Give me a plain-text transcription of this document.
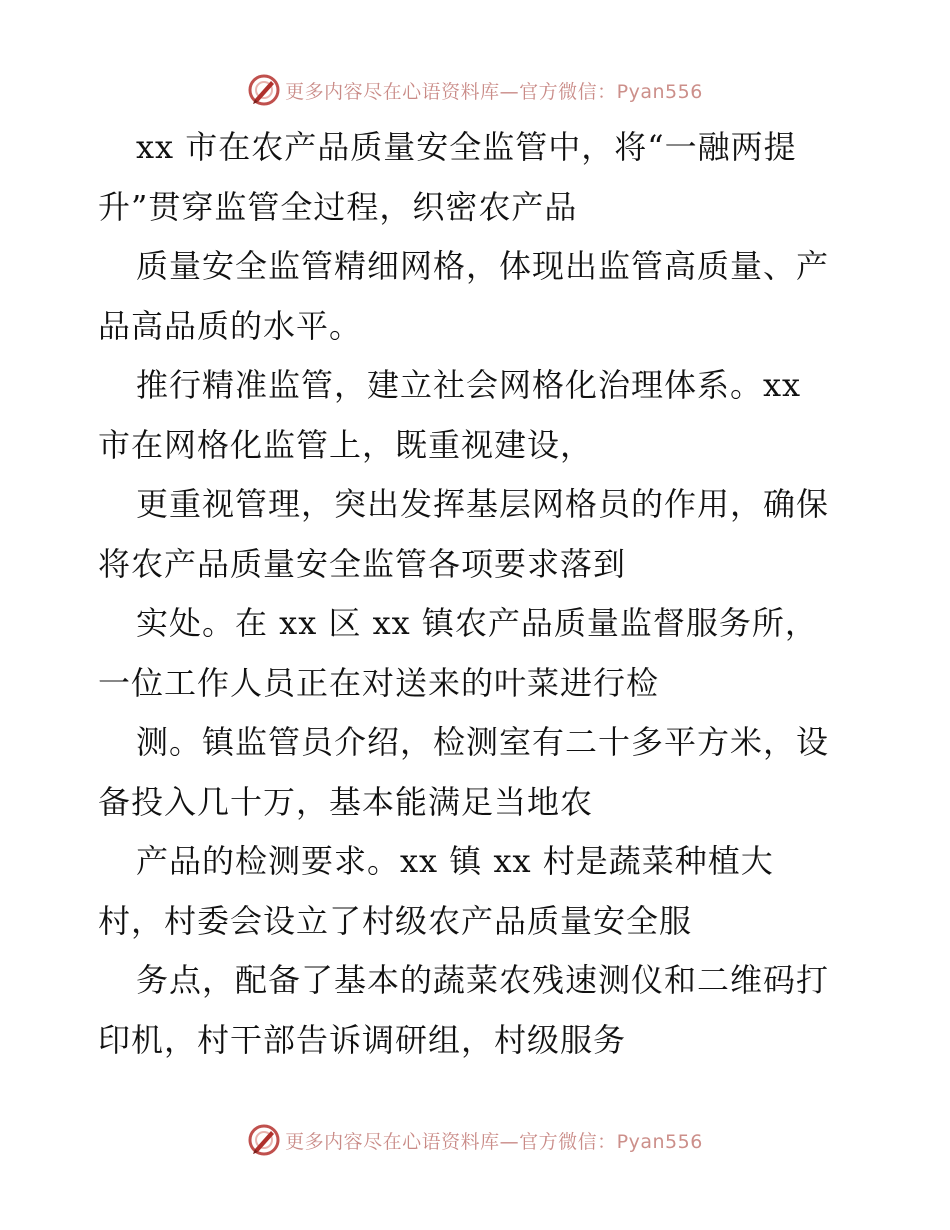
更多内容尽在心语资料库—官方微信：Pyan556
xx 市在农产品质量安全监管中，将“一融两提
升”贯穿监管全过程，织密农产品
质量安全监管精细网格，体现出监管高质量、产
品高品质的水平。
推行精准监管，建立社会网格化治理体系。xx
市在网格化监管上，既重视建设，
更重视管理，突出发挥基层网格员的作用，确保
将农产品质量安全监管各项要求落到
实处。在 xx 区 xx 镇农产品质量监督服务所，
一位工作人员正在对送来的叶菜进行检
测。镇监管员介绍，检测室有二十多平方米，设
备投入几十万，基本能满足当地农
产品的检测要求。xx 镇 xx 村是蔬菜种植大
村，村委会设立了村级农产品质量安全服
务点，配备了基本的蔬菜农残速测仪和二维码打
印机，村干部告诉调研组，村级服务
更多内容尽在心语资料库—官方微信：Pyan556
